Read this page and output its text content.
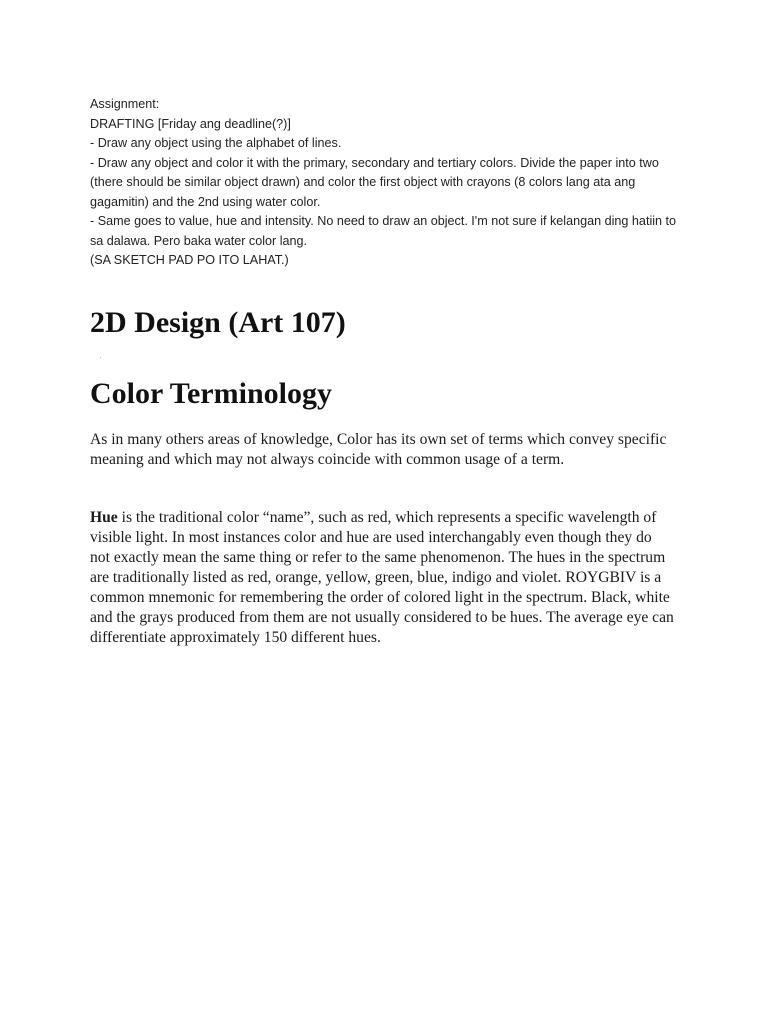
Assignment:
DRAFTING [Friday ang deadline(?)]
- Draw any object using the alphabet of lines.
- Draw any object and color it with the primary, secondary and tertiary colors. Divide the paper into two (there should be similar object drawn) and color the first object with crayons (8 colors lang ata ang gagamitin) and the 2nd using water color.
- Same goes to value, hue and intensity. No need to draw an object. I'm not sure if kelangan ding hatiin to sa dalawa. Pero baka water color lang.
(SA SKETCH PAD PO ITO LAHAT.)
2D Design (Art 107)
Color Terminology

As in many others areas of knowledge, Color has its own set of terms which convey specific meaning and which may not always coincide with common usage of a term.

Hue is the traditional color “name”, such as red, which represents a specific wavelength of visible light. In most instances color and hue are used interchangably even though they do not exactly mean the same thing or refer to the same phenomenon. The hues in the spectrum are traditionally listed as red, orange, yellow, green, blue, indigo and violet. ROYGBIV is a common mnemonic for remembering the order of colored light in the spectrum. Black, white and the grays produced from them are not usually considered to be hues. The average eye can differentiate approximately 150 different hues.
